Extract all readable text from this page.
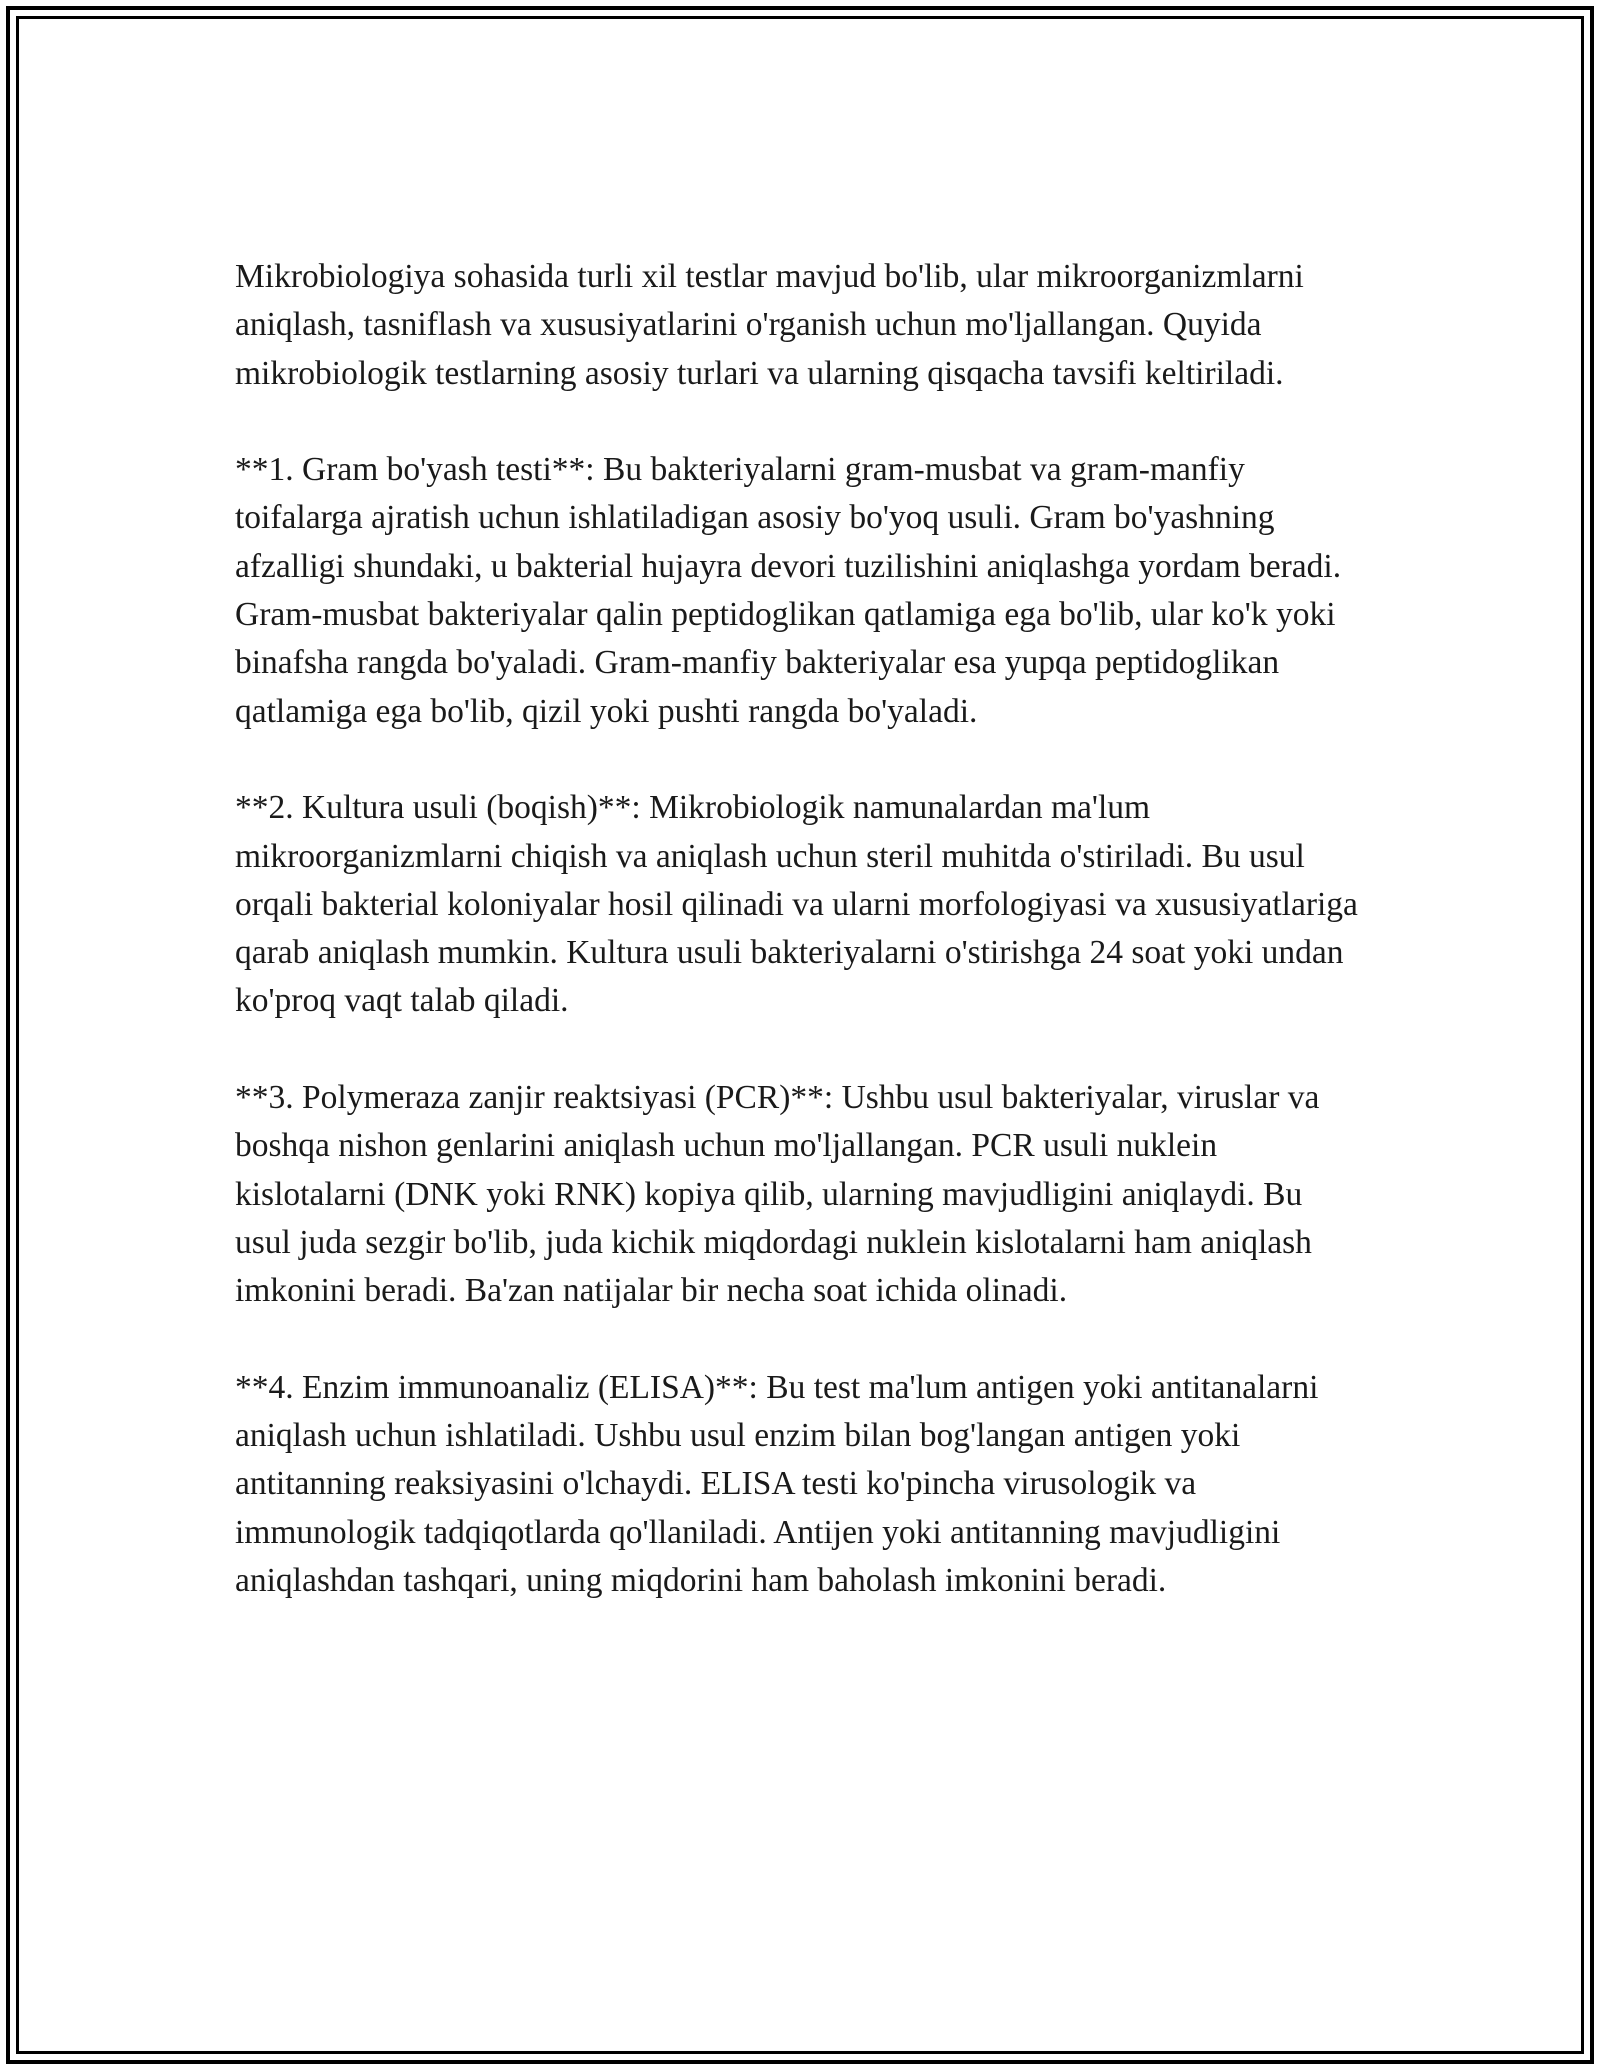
Mikrobiologiya sohasida turli xil testlar mavjud bo'lib, ular mikroorganizmlarni aniqlash, tasniflash va xususiyatlarini o'rganish uchun mo'ljallangan. Quyida mikrobiologik testlarning asosiy turlari va ularning qisqacha tavsifi keltiriladi.

**1. Gram bo'yash testi**: Bu bakteriyalarni gram-musbat va gram-manfiy toifalarga ajratish uchun ishlatiladigan asosiy bo'yoq usuli. Gram bo'yashning afzalligi shundaki, u bakterial hujayra devori tuzilishini aniqlashga yordam beradi. Gram-musbat bakteriyalar qalin peptidoglikan qatlamiga ega bo'lib, ular ko'k yoki binafsha rangda bo'yaladi. Gram-manfiy bakteriyalar esa yupqa peptidoglikan qatlamiga ega bo'lib, qizil yoki pushti rangda bo'yaladi.

**2. Kultura usuli (boqish)**: Mikrobiologik namunalardan ma'lum mikroorganizmlarni chiqish va aniqlash uchun steril muhitda o'stiriladi. Bu usul orqali bakterial koloniyalar hosil qilinadi va ularni morfologiyasi va xususiyatlariga qarab aniqlash mumkin. Kultura usuli bakteriyalarni o'stirishga 24 soat yoki undan ko'proq vaqt talab qiladi.

**3. Polymeraza zanjir reaktsiyasi (PCR)**: Ushbu usul bakteriyalar, viruslar va boshqa nishon genlarini aniqlash uchun mo'ljallangan. PCR usuli nuklein kislotalarni (DNK yoki RNK) kopiya qilib, ularning mavjudligini aniqlaydi. Bu usul juda sezgir bo'lib, juda kichik miqdordagi nuklein kislotalarni ham aniqlash imkonini beradi. Ba'zan natijalar bir necha soat ichida olinadi.

**4. Enzim immunoanaliz (ELISA)**: Bu test ma'lum antigen yoki antitanalarni aniqlash uchun ishlatiladi. Ushbu usul enzim bilan bog'langan antigen yoki antitanning reaksiyasini o'lchaydi. ELISA testi ko'pincha virusologik va immunologik tadqiqotlarda qo'llaniladi. Antijen yoki antitanning mavjudligini aniqlashdan tashqari, uning miqdorini ham baholash imkonini beradi.
